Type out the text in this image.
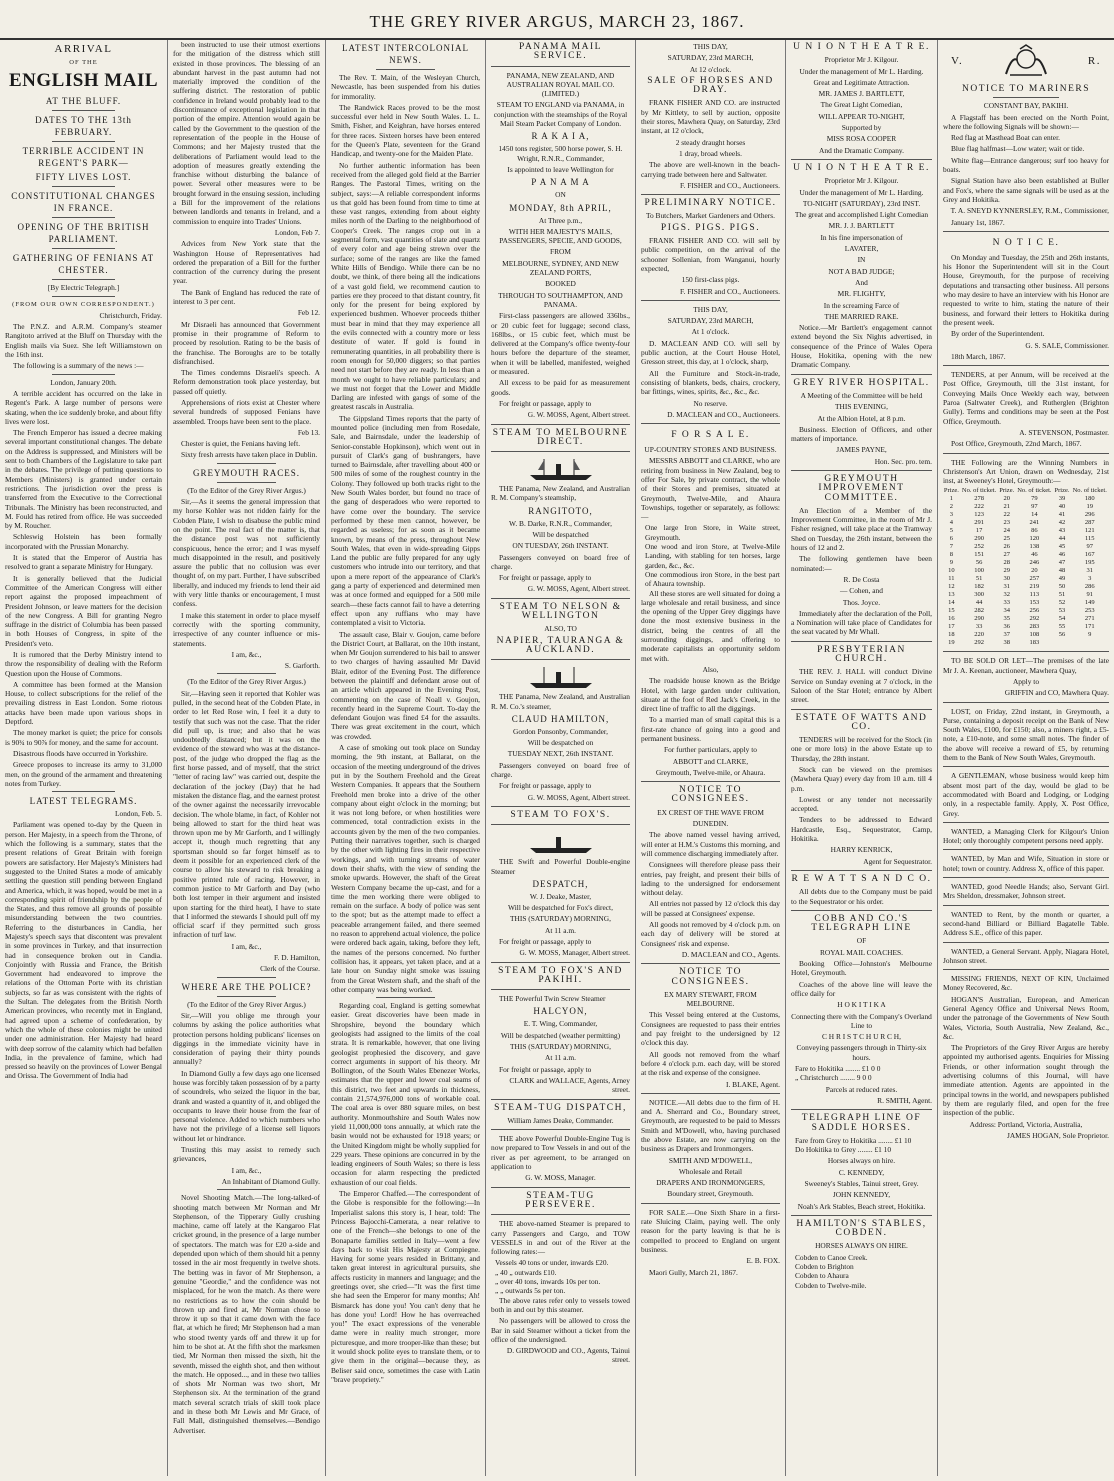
THE GREY RIVER ARGUS, MARCH 23, 1867.
ARRIVAL
OF THE
ENGLISH MAIL
AT THE BLUFF.
DATES TO THE 13th FEBRUARY.
TERRIBLE ACCIDENT IN REGENT'S PARK—
FIFTY LIVES LOST.
CONSTITUTIONAL CHANGES IN FRANCE.
OPENING OF THE BRITISH PARLIAMENT.
GATHERING OF FENIANS AT CHESTER.
[By Electric Telegraph.]
(FROM OUR OWN CORRESPONDENT.)

Christchurch, Friday.

The P.N.Z. and A.R.M. Company's steamer Rangitoto arrived at the Bluff on Thursday with the English mails via Suez. She left Williamstown on the 16th inst.

The following is a summary of the news :—

London, January 20th.

A terrible accident has occurred on the lake in Regent's Park. A large number of persons were skating, when the ice suddenly broke, and about fifty lives were lost.

The French Emperor has issued a decree making several important constitutional changes. The debate on the Address is suppressed, and Ministers will be sent to both Chambers of the Legislature to take part in the debates. The privilege of putting questions to Members (Ministers) is granted under certain restrictions. The jurisdiction over the press is transferred from the Executive to the Correctional Tribunals. The Ministry has been reconstructed, and M. Fould has retired from office. He was succeeded by M. Roucher.

Schleswig Holstein has been formally incorporated with the Prussian Monarchy.

It is stated that the Emperor of Austria has resolved to grant a separate Ministry for Hungary.

It is generally believed that the Judicial Committee of the American Congress will either report against the proposed impeachment of President Johnson, or leave matters for the decision of the new Congress. A Bill for granting Negro suffrage in the district of Columbia has been passed in both Houses of Congress, in spite of the President's veto.

It is rumored that the Derby Ministry intend to throw the responsibility of dealing with the Reform Question upon the House of Commons.

A committee has been formed at the Mansion House, to collect subscriptions for the relief of the prevailing distress in East London. Some riotous attacks have been made upon various shops in Deptford.

The money market is quiet; the price for consols is 90¾ to 90⅞ for money, and the same for account.

Disastrous floods have occurred in Yorkshire.

Greece proposes to increase its army to 31,000 men, on the ground of the armament and threatening notes from Turkey.

LATEST TELEGRAMS.

London, Feb. 5.

Parliament was opened to-day by the Queen in person. Her Majesty, in a speech from the Throne, of which the following is a summary, states that the present relations of Great Britain with foreign powers are satisfactory. Her Majesty's Ministers had suggested to the United States a mode of amicably settling the question still pending between England and America, which, it was hoped, would be met in a corresponding spirit of friendship by the people of the States, and thus remove all grounds of possible misunderstanding between the two countries. Referring to the disturbances in Candia, her Majesty's speech says that discontent was prevalent in some provinces in Turkey, and that insurrection had in consequence broken out in Candia. Conjointly with Russia and France, the British Government had endeavored to improve the relations of the Ottoman Porte with its christian subjects, so far as was consistent with the rights of the Sultan. The delegates from the British North American provinces, who recently met in England, had agreed upon a scheme of confederation, by which the whole of these colonies might be united under one administration. Her Majesty had heard with deep sorrow of the calamity which had befallen India, in the prevalence of famine, which had pressed so heavily on the provinces of Lower Bengal and Orissa. The Government of India had

been instructed to use their utmost exertions for the mitigation of the distress which still existed in those provinces. The blessing of an abundant harvest in the past autumn had not materially improved the condition of the suffering district. The restoration of public confidence in Ireland would probably lead to the discontinuance of exceptional legislation in that portion of the empire. Attention would again be called by the Government to the question of the representation of the people in the House of Commons; and her Majesty trusted that the deliberations of Parliament would lead to the adoption of measures greatly extending the franchise without disturbing the balance of power. Several other measures were to be brought forward in the ensuing session, including a Bill for the improvement of the relations between landlords and tenants in Ireland, and a commission to enquire into Trades' Unions.

London, Feb 7.

Advices from New York state that the Washington House of Representatives had ordered the preparation of a Bill for the further contraction of the currency during the present year.

The Bank of England has reduced the rate of interest to 3 per cent.

Feb 12.

Mr Disraeli has announced that Government promise in their programme of Reform to proceed by resolution. Rating to be the basis of the franchise. The Boroughs are to be totally disfranchised.

The Times condemns Disraeli's speech. A Reform demonstration took place yesterday, but passed off quietly.

Apprehensions of riots exist at Chester where several hundreds of supposed Fenians have assembled. Troops have been sent to the place.

Feb 13.

Chester is quiet, the Fenians having left.

Sixty fresh arrests have taken place in Dublin.

GREYMOUTH RACES.

(To the Editor of the Grey River Argus.)

Sir,—As it seems the general impression that my horse Kohler was not ridden fairly for the Cobden Plate, I wish to disabuse the public mind on the point. The real fact of the matter is, that the distance post was not sufficiently conspicuous, hence the error; and I was myself much disappointed in the result, and positively assure the public that no collusion was ever thought of, on my part. Further, I have subscribed liberally, and induced my friends to lend their aid with very little thanks or encouragement, I must confess.

I make this statement in order to place myself correctly with the sporting community, irrespective of any counter influence or mis-statements.

I am, &c.,

S. Garforth.

(To the Editor of the Grey River Argus.)

Sir,—Having seen it reported that Kohler was pulled, in the second heat of the Cobden Plate, in order to let Red Rose win, I feel it a duty to testify that such was not the case. That the rider did pull up, is true; and also that he was undoubtedly distanced; but it was on the evidence of the steward who was at the distance-post, of the judge who dropped the flag as the first horse passed, and of myself, that the strict "letter of racing law" was carried out, despite the declaration of the jockey (Day) that he had mistaken the distance flag, and the earnest protest of the owner against the necessarily irrevocable decision. The whole blame, in fact, of Kohler not being allowed to start for the third heat was thrown upon me by Mr Garforth, and I willingly accept it, though much regretting that any sportsman should so far forget himself as to deem it possible for an experienced clerk of the course to allow his steward to risk breaking a positive printed rule of racing. However, in common justice to Mr Garforth and Day (who both lost temper in their argument and insisted upon starting for the third heat), I have to state that I informed the stewards I should pull off my official scarf if they permitted such gross infraction of turf law.

I am, &c.,

F. D. Hamilton,

Clerk of the Course.

WHERE ARE THE POLICE?

(To the Editor of the Grey River Argus.)

Sir,—Will you oblige me through your columns by asking the police authorities what protection persons holding publicans' licenses on diggings in the immediate vicinity have in consideration of paying their thirty pounds annually?

In Diamond Gully a few days ago one licensed house was forcibly taken possession of by a party of scoundrels, who seized the liquor in the bar, drank and wasted a quantity of it, and obliged the occupants to leave their house from the fear of personal violence. Added to which numbers who have not the privilege of a license sell liquors without let or hindrance.

Trusting this may assist to remedy such grievances,

I am, &c.,

An Inhabitant of Diamond Gully.

Novel Shooting Match.—The long-talked-of shooting match between Mr Norman and Mr Stephenson, of the Tipperary Gully crushing machine, came off lately at the Kangaroo Flat cricket ground, in the presence of a large number of spectators. The match was for £20 a-side and depended upon which of them should hit a penny tossed in the air most frequently in twelve shots. The betting was in favor of Mr Stephenson, a genuine "Geordie," and the confidence was not misplaced, for he won the match. As there were no restrictions as to how the coin should be thrown up and fired at, Mr Norman chose to throw it up so that it came down with the face flat, at which he fired; Mr Stephenson had a man who stood twenty yards off and threw it up for him to be shot at. At the fifth shot the marksmen tied, Mr Norman then missed the sixth, hit the seventh, missed the eighth shot, and then without the match. He opposed..., and in these two tallies of shots Mr Norman was two short, Mr Stephenson six. At the termination of the grand match several scratch trials of skill took place and in these both Mr Lewis and Mr Grace, of Fall Mall, distinguished themselves.—Bendigo Advertiser.

LATEST INTERCOLONIAL NEWS.

The Rev. T. Main, of the Wesleyan Church, Newcastle, has been suspended from his duties for immorality.

The Randwick Races proved to be the most successful ever held in New South Wales. L. L. Smith, Fisher, and Keighran, have horses entered for three races. Sixteen horses have been entered for the Queen's Plate, seventeen for the Grand Handicap, and twenty-one for the Maiden Plate.

No further authentic information has been received from the alleged gold field at the Barrier Ranges. The Pastoral Times, writing on the subject, says:—A reliable correspondent informs us that gold has been found from time to time at these vast ranges, extending from about eighty miles north of the Darling to the neighborhood of Cooper's Creek. The ranges crop out in a segmental form, vast quantities of slate and quartz of every color and age being strewn over the surface; some of the ranges are like the famed White Hills of Bendigo. While there can be no doubt, we think, of there being all the indications of a vast gold field, we recommend caution to parties ere they proceed to that distant country, fit only for the present for being explored by experienced bushmen. Whoever proceeds thither must bear in mind that they may experience all the evils connected with a country more or less destitute of water. If gold is found in remunerating quantities, in all probability there is room enough for 50,000 diggers; so that parties need not start before they are ready. In less than a month we ought to have reliable particulars; and we must not forget that the Lower and Middle Darling are infested with gangs of some of the greatest rascals in Australia.

The Gippsland Times reports that the party of mounted police (including men from Rosedale, Sale, and Bairnsdale, under the leadership of Senior-constable Hopkinson), which went out in pursuit of Clark's gang of bushrangers, have turned to Bairnsdale, after travelling about 400 or 500 miles of some of the roughest country in the Colony. They followed up both tracks right to the New South Wales border, but found no trace of the gang of desperadoes who were reported to have come over the boundary. The service performed by these men cannot, however, be regarded as useless; for as soon as it became known, by means of the press, throughout New South Wales, that even in wide-spreading Gipps Land the public are fully prepared for any ugly customers who intrude into our territory, and that upon a mere report of the appearance of Clark's gang a party of experienced and determined men was at once formed and equipped for a 500 mile search—these facts cannot fail to have a deterring effect upon any ruffians who may have contemplated a visit to Victoria.

The assault case, Blair v. Goujon, came before the District Court, at Ballarat, on the 10th instant, when Mr Goujon surrendered to his bail to answer to two charges of having assaulted Mr David Blair, editor of the Evening Post. The difference between the plaintiff and defendant arose out of an article which appeared in the Evening Post, commenting on the case of Noall v. Goujon, recently heard in the Supreme Court. To-day the defendant Goujon was fined £4 for the assaults. There was great excitement in the court, which was crowded.

A case of smoking out took place on Sunday morning, the 9th instant, at Ballarat, on the occasion of the meeting underground of the drives put in by the Southern Freehold and the Great Western Companies. It appears that the Southern Freehold men broke into a drive of the other company about eight o'clock in the morning; but it was not long before, or when hostilities were commenced, total contradiction exists in the accounts given by the men of the two companies. Putting their narratives together, such is charged by the other with lighting fires in their respective workings, and with turning streams of water down their shafts, with the view of sending the smoke upwards. However, the shaft of the Great Western Company became the up-cast, and for a time the men working there were obliged to remain on the surface. A body of police was sent to the spot; but as the attempt made to effect a peaceable arrangement failed, and there seemed no reason to apprehend actual violence, the police were ordered back again, taking, before they left, the names of the persons concerned. No further collision has, it appears, yet taken place, and at a late hour on Sunday night smoke was issuing from the Great Western shaft, and the shaft of the other company was being worked.

Regarding coal, England is getting somewhat easier. Great discoveries have been made in Shropshire, beyond the boundary which geologists had assigned to the limits of the coal strata. It is remarkable, however, that one living geologist prophesied the discovery, and gave correct arguments in support of his theory. Mr Bollington, of the South Wales Ebenezer Works, estimates that the upper and lower coal seams of this district, two feet and upwards in thickness, contain 21,574,976,000 tons of workable coal. The coal area is over 880 square miles, on best authority. Monmouthshire and South Wales now yield 11,000,000 tons annually, at which rate the basin would not be exhausted for 1918 years; or the United Kingdom might be wholly supplied for 229 years. These opinions are concurred in by the leading engineers of South Wales; so there is less occasion for alarm respecting the predicted exhaustion of our coal fields.

The Emperor Chaffed.—The correspondent of the Globe is responsible for the following:—In Imperialist salons this story is, I hear, told: The Princess Bajocchi-Camerata, a near relative to one of the French—she belongs to one of the Bonaparte families settled in Italy—went a few days back to visit His Majesty at Compiegne. Having for some years resided in Brittany, and taken great interest in agricultural pursuits, she affects rusticity in manners and language; and the greetings over, she cried—"It was the first time she had seen the Emperor for many months; Ah! Bismarck has done you! You can't deny that he has done you! Lord! How he has overreached you!" The exact expressions of the venerable dame were in reality much stronger, more picturesque, and more trooper-like than these; but it would shock polite eyes to translate them, or to give them in the original—because they, as Beliser said once, sometimes the case with Latin "brave propriety."

PANAMA MAIL SERVICE.

PANAMA, NEW ZEALAND, AND AUSTRALIAN ROYAL MAIL CO. (LIMITED.)

STEAM TO ENGLAND via PANAMA, in conjunction with the steamships of the Royal Mail Steam Packet Company of London.

R A K A I A,

1450 tons register, 500 horse power, S. H. Wright, R.N.R., Commander,

Is appointed to leave Wellington for

P A N A M A

ON

MONDAY, 8th APRIL,

At Three p.m.,

WITH HER MAJESTY'S MAILS, PASSENGERS, SPECIE, AND GOODS,

FROM

MELBOURNE, SYDNEY, AND NEW ZEALAND PORTS,

BOOKED

THROUGH TO SOUTHAMPTON, AND PANAMA.

First-class passengers are allowed 336lbs., or 20 cubic feet for luggage; second class, 168lbs., or 15 cubic feet, which must be delivered at the Company's office twenty-four hours before the departure of the steamer, when it will be labelled, manifested, weighed or measured.

All excess to be paid for as measurement goods.

For freight or passage, apply to

G. W. MOSS, Agent, Albert street.

STEAM TO MELBOURNE DIRECT.

THE Panama, New Zealand, and Australian R. M. Company's steamship,

RANGITOTO,

W. B. Darke, R.N.R., Commander,

Will be despatched

ON TUESDAY, 26th INSTANT.

Passengers conveyed on board free of charge.

For freight or passage, apply to

G. W. MOSS, Agent, Albert street.

STEAM TO NELSON & WELLINGTON

ALSO, TO

NAPIER, TAURANGA & AUCKLAND.

THE Panama, New Zealand, and Australian R. M. Co.'s steamer,

CLAUD HAMILTON,

Gordon Ponsonby, Commander,

Will be despatched on

TUESDAY NEXT, 26th INSTANT.

Passengers conveyed on board free of charge.

For freight or passage, apply to

G. W. MOSS, Agent, Albert street.

STEAM TO FOX'S.

THE Swift and Powerful Double-engine Steamer

DESPATCH,

W. J. Deake, Master,

Will be despatched for Fox's direct,

THIS (SATURDAY) MORNING,

At 11 a.m.

For freight or passage, apply to

G. W. MOSS, Manager, Albert street.

STEAM TO FOX'S AND PAKIHI.

THE Powerful Twin Screw Steamer

HALCYON,

E. T. Wing, Commander,

Will be despatched (weather permitting)

THIS (SATURDAY) MORNING,

At 11 a.m.

For freight or passage, apply to

CLARK and WALLACE, Agents, Arney street.

STEAM-TUG DISPATCH,

William James Deake, Commander.

THE above Powerful Double-Engine Tug is now prepared to Tow Vessels in and out of the river as per agreement, to be arranged on application to

G. W. MOSS, Manager.

STEAM-TUG PERSEVERE.

THE above-named Steamer is prepared to carry Passengers and Cargo, and TOW VESSELS in and out of the River at the following rates:—

Vessels 40 tons or under, inwards £20.

„ 40 „ outwards £10.

„ over 40 tons, inwards 10s per ton.

„ „ outwards 5s per ton.

The above rates refer only to vessels towed both in and out by this steamer.

No passengers will be allowed to cross the Bar in said Steamer without a ticket from the office of the undersigned.

D. GIRDWOOD and CO., Agents, Tainui street.

THIS DAY,

SATURDAY, 23rd MARCH,

At 12 o'clock.

SALE OF HORSES AND DRAY.

FRANK FISHER AND CO. are instructed by Mr Kittlety, to sell by auction, opposite their stores, Mawhera Quay, on Saturday, 23rd instant, at 12 o'clock,

2 steady draught horses

1 dray, broad wheels.

The above are well-known in the beach-carrying trade between here and Saltwater.

F. FISHER and CO., Auctioneers.

PRELIMINARY NOTICE.

To Butchers, Market Gardeners and Others.

PIGS. PIGS. PIGS.

FRANK FISHER AND CO. will sell by public competition, on the arrival of the schooner Sollenian, from Wanganui, hourly expected,

150 first-class pigs.

F. FISHER and CO., Auctioneers.

THIS DAY,

SATURDAY, 23rd MARCH,

At 1 o'clock.

D. MACLEAN AND CO. will sell by public auction, at the Court House Hotel, Gresson street, this day, at 1 o'clock, sharp,

All the Furniture and Stock-in-trade, consisting of blankets, beds, chairs, crockery, bar fittings, wines, spirits, &c., &c., &c.

No reserve.

D. MACLEAN and CO., Auctioneers.

F O R S A L E.

UP-COUNTRY STORES AND BUSINESS.

MESSRS ABBOTT and CLARKE, who are retiring from business in New Zealand, beg to offer For Sale, by private contract, the whole of their Stores and premises, situated at Greymouth, Twelve-Mile, and Ahaura Townships, together or separately, as follows:—

One large Iron Store, in Waite street, Greymouth.

One wood and iron Store, at Twelve-Mile Landing, with stabling for ten horses, large garden, &c., &c.

One commodious iron Store, in the best part of Ahaura township.

All these stores are well situated for doing a large wholesale and retail business, and since the opening of the Upper Grey diggings have done the most extensive business in the district, being the centres of all the surrounding diggings, and offering to moderate capitalists an opportunity seldom met with.

Also,

The roadside house known as the Bridge Hotel, with large garden under cultivation, situate at the foot of Red Jack's Creek, in the direct line of traffic to all the diggings.

To a married man of small capital this is a first-rate chance of going into a good and permanent business.

For further particulars, apply to

ABBOTT and CLARKE,

Greymouth, Twelve-mile, or Ahaura.

NOTICE TO CONSIGNEES.

EX CREST OF THE WAVE FROM

DUNEDIN.

The above named vessel having arrived, will enter at H.M.'s Customs this morning, and will commence discharging immediately after.

Consignees will therefore please pass their entries, pay freight, and present their bills of lading to the undersigned for endorsement without delay.

All entries not passed by 12 o'clock this day will be passed at Consignees' expense.

All goods not removed by 4 o'clock p.m. on each day of delivery will be stored at Consignees' risk and expense.

D. MACLEAN and CO., Agents.

NOTICE TO CONSIGNEES.

EX MARY STEWART, FROM MELBOURNE.

This Vessel being entered at the Customs, Consignees are requested to pass their entries and pay freight to the undersigned by 12 o'clock this day.

All goods not removed from the wharf before 4 o'clock p.m. each day, will be stored at the risk and expense of the consignee.

I. BLAKE, Agent.

NOTICE.—All debts due to the firm of H. and A. Sherrard and Co., Boundary street, Greymouth, are requested to be paid to Messrs Smith and M'Dowell, who, having purchased the above Estate, are now carrying on the business as Drapers and Ironmongers.

SMITH AND M'DOWELL,

Wholesale and Retail

DRAPERS AND IRONMONGERS,

Boundary street, Greymouth.

FOR SALE.—One Sixth Share in a first-rate Sluicing Claim, paying well. The only reason for the party leaving is that he is compelled to proceed to England on urgent business.

E. B. FOX.

Maori Gully, March 21, 1867.

U N I O N T H E A T R E.

Proprietor Mr J. Kilgour.

Under the management of Mr L. Harding.

Great and Legitimate Attraction.

MR. JAMES J. BARTLETT,

The Great Light Comedian,

WILL APPEAR TO-NIGHT,

Supported by

MISS ROSA COOPER

And the Dramatic Company.

U N I O N T H E A T R E.

Proprietor Mr J. Kilgour.

Under the management of Mr L. Harding.

TO-NIGHT (SATURDAY), 23rd INST.

The great and accomplished Light Comedian

MR. J. J. BARTLETT

In his fine impersonation of

LAVATER,

IN

NOT A BAD JUDGE;

And

MR. FLIGHTY,

In the screaming Farce of

THE MARRIED RAKE.

Notice.—Mr Bartlett's engagement cannot extend beyond the Six Nights advertised, in consequence of the Prince of Wales Opera House, Hokitika, opening with the new Dramatic Company.

GREY RIVER HOSPITAL.

A Meeting of the Committee will be held

THIS EVENING,

At the Albion Hotel, at 8 p.m.

Business. Election of Officers, and other matters of importance.

JAMES PAYNE,

Hon. Sec. pro. tem.

GREYMOUTH IMPROVEMENT COMMITTEE.

An Election of a Member of the Improvement Committee, in the room of Mr J. Fisher resigned, will take place at the Tramway Shed on Tuesday, the 26th instant, between the hours of 12 and 2.

The following gentlemen have been nominated:—

R. De Costa

— Cohen, and

Thos. Joyce.

Immediately after the declaration of the Poll, a Nomination will take place of Candidates for the seat vacated by Mr Whall.

PRESBYTERIAN CHURCH.

THE REV. J. HALL will conduct Divine Service on Sunday evening at 7 o'clock, in the Saloon of the Star Hotel; entrance by Albert street.

ESTATE OF WATTS AND CO.

TENDERS will be received for the Stock (in one or more lots) in the above Estate up to Thursday, the 28th instant.

Stock can be viewed on the premises (Mawhera Quay) every day from 10 a.m. till 4 p.m.

Lowest or any tender not necessarily accepted.

Tenders to be addressed to Edward Hardcastle, Esq., Sequestrator, Camp, Hokitika.

HARRY KENRICK,

Agent for Sequestrator.

R E W A T T S A N D C O.

All debts due to the Company must be paid to the Sequestrator or his order.

COBB AND CO.'S TELEGRAPH LINE

OF

ROYAL MAIL COACHES.

Booking Office—Johnston's Melbourne Hotel, Greymouth.

Coaches of the above line will leave the office daily for

H O K I T I K A

Connecting there with the Company's Overland Line to

C H R I S T C H U R C H,

Conveying passengers through in Thirty-six hours.

Fare to Hokitika ........ £1 0 0

„ Christchurch ........ 9 0 0

Parcels at reduced rates.

R. SMITH, Agent.

TELEGRAPH LINE OF SADDLE HORSES.

Fare from Grey to Hokitika ........ £1 10

Do Hokitika to Grey ........ £1 10

Horses always on hire.

C. KENNEDY,

Sweeney's Stables, Tainui street, Grey.

JOHN KENNEDY,

Noah's Ark Stables, Beach street, Hokitika.

HAMILTON'S STABLES, COBDEN.

HORSES ALWAYS ON HIRE.

Cobden to Canoe Creek.

Cobden to Brighton

Cobden to Ahaura

Cobden to Twelve-mile.

V.	R.
NOTICE TO MARINERS

CONSTANT BAY, PAKIHI.

A Flagstaff has been erected on the North Point, where the following Signals will be shown:—

Red flag at Masthead Boat can enter.

Blue flag halfmast—Low water; wait or tide.

White flag—Entrance dangerous; surf too heavy for boats.

Signal Station have also been established at Buller and Fox's, where the same signals will be used as at the Grey and Hokitika.

T. A. SNEYD KYNNERSLEY, R.M., Commissioner,

January 1st, 1867.

N O T I C E.

On Monday and Tuesday, the 25th and 26th instants, his Honor the Superintendent will sit in the Court House, Greymouth, for the purpose of receiving deputations and transacting other business. All persons who may desire to have an interview with his Honor are requested to write to him, stating the nature of their business, and forward their letters to Hokitika during the present week.

By order of the Superintendent.

G. S. SALE, Commissioner.

18th March, 1867.

TENDERS, at per Annum, will be received at the Post Office, Greymouth, till the 31st instant, for Conveying Mails Once Weekly each way, between Paroa (Saltwater Creek), and Rutherglen (Brighton Gully). Terms and conditions may be seen at the Post Office, Greymouth.

A. STEVENSON, Postmaster.

Post Office, Greymouth, 22nd March, 1867.

THE Following are the Winning Numbers in Christenson's Art Union, drawn on Wednesday, 21st inst, at Sweeney's Hotel, Greymouth:—

Prize.	No. of ticket.	Prize.	No. of ticket.	Prize.	No. of ticket.
1	278	20	79	39	180
2	222	21	97	40	19
3	123	22	14	41	296
4	291	23	241	42	287
5	17	24	86	43	121
6	290	25	120	44	115
7	252	26	138	45	97
8	151	27	46	46	167
9	56	28	246	47	195
10	100	29	20	48	31
11	51	30	257	49	3
12	182	31	219	50	286
13	300	32	113	51	91
14	44	33	153	52	149
15	282	34	256	53	253
16	290	35	292	54	271
17	33	36	283	55	171
18	220	37	108	56	9
19	292	38	183		

TO BE SOLD OR LET—The premises of the late Mr J. A. Keenan, auctioneer, Mawhera Quay,

Apply to

GRIFFIN and CO, Mawhera Quay.

LOST, on Friday, 22nd instant, in Greymouth, a Purse, containing a deposit receipt on the Bank of New South Wales, £100, for £150; also, a miners right, a £5-note, a £10-note, and some small notes. The finder of the above will receive a reward of £5, by returning them to the Bank of New South Wales, Greymouth.

A GENTLEMAN, whose business would keep him absent most part of the day, would be glad to be accommodated with Board and Lodging, or Lodging only, in a respectable family. Apply, X. Post Office, Grey.

WANTED, a Managing Clerk for Kilgour's Union Hotel; only thoroughly competent persons need apply.

WANTED, by Man and Wife, Situation in store or hotel; town or country. Address X, office of this paper.

WANTED, good Needle Hands; also, Servant Girl. Mrs Sheldon, dressmaker, Johnson street.

WANTED to Rent, by the month or quarter, a second-hand Billiard or Billiard Bagatelle Table. Address S.E., office of this paper.

WANTED, a General Servant. Apply, Niagara Hotel, Johnson street.

MISSING FRIENDS, NEXT OF KIN, Unclaimed Money Recovered, &c.

HOGAN'S Australian, European, and American General Agency Office and Universal News Room, under the patronage of the Governments of New South Wales, Victoria, South Australia, New Zealand, &c., &c.

The Proprietors of the Grey River Argus are hereby appointed my authorised agents. Enquiries for Missing Friends, or other information sought through the advertising columns of this Journal, will have immediate attention. Agents are appointed in the principal towns in the world, and newspapers published by them are regularly filed, and open for the free inspection of the public.

Address: Portland, Victoria, Australia,

JAMES HOGAN, Sole Proprietor.
